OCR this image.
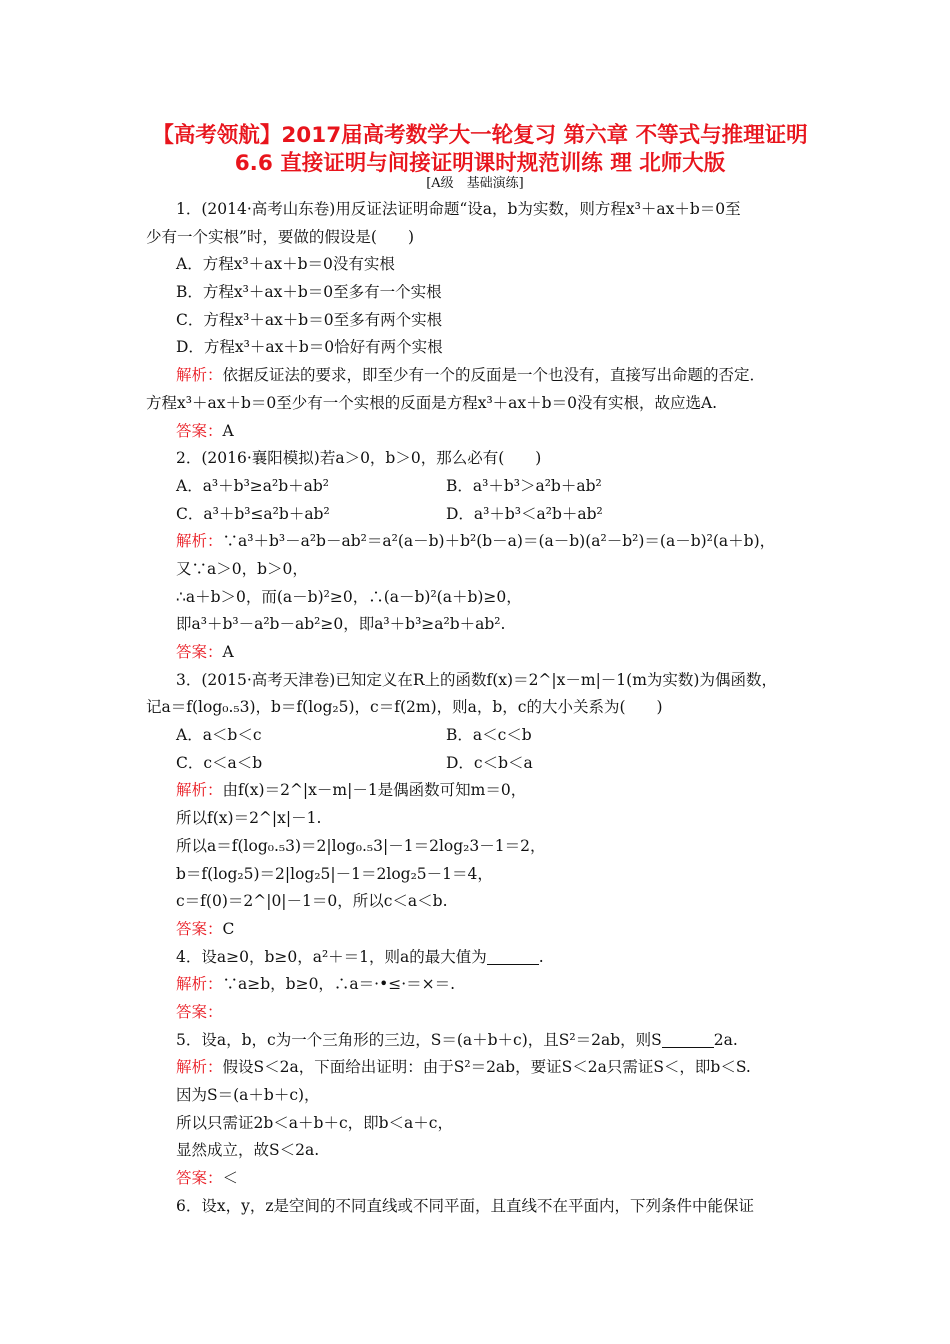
【高考领航】2017届高考数学大一轮复习 第六章 不等式与推理证明 6.6 直接证明与间接证明课时规范训练 理 北师大版
[A级　基础演练]
1．(2014·高考山东卷)用反证法证明命题“设a，b为实数，则方程x³＋ax＋b＝0至
少有一个实根”时，要做的假设是(　　)
A．方程x³＋ax＋b＝0没有实根
B．方程x³＋ax＋b＝0至多有一个实根
C．方程x³＋ax＋b＝0至多有两个实根
D．方程x³＋ax＋b＝0恰好有两个实根
解析：依据反证法的要求，即至少有一个的反面是一个也没有，直接写出命题的否定．
方程x³＋ax＋b＝0至少有一个实根的反面是方程x³＋ax＋b＝0没有实根，故应选A.
答案：A
2．(2016·襄阳模拟)若a＞0，b＞0，那么必有(　　)
A．a³＋b³≥a²b＋ab²	B．a³＋b³＞a²b＋ab²
C．a³＋b³≤a²b＋ab²	D．a³＋b³＜a²b＋ab²
解析：∵a³＋b³－a²b－ab²＝a²(a－b)＋b²(b－a)＝(a－b)(a²－b²)＝(a－b)²(a＋b)，
又∵a＞0，b＞0，
∴a＋b＞0，而(a－b)²≥0，∴(a－b)²(a＋b)≥0，
即a³＋b³－a²b－ab²≥0，即a³＋b³≥a²b＋ab².
答案：A
3．(2015·高考天津卷)已知定义在R上的函数f(x)＝2^|x－m|－1(m为实数)为偶函数，
记a＝f(log₀.₅3)，b＝f(log₂5)，c＝f(2m)，则a，b，c的大小关系为(　　)
A．a＜b＜c	B．a＜c＜b
C．c＜a＜b	D．c＜b＜a
解析：由f(x)＝2^|x－m|－1是偶函数可知m＝0，
所以f(x)＝2^|x|－1.
所以a＝f(log₀.₅3)＝2|log₀.₅3|－1＝2log₂3－1＝2，
b＝f(log₂5)＝2|log₂5|－1＝2log₂5－1＝4，
c＝f(0)＝2^|0|－1＝0，所以c＜a＜b.
答案：C
4．设a≥0，b≥0，a²＋＝1，则a的最大值为	.
解析：∵a≥b，b≥0，∴a＝·•≤·＝×＝.
答案：
5．设a，b，c为一个三角形的三边，S＝(a＋b＋c)，且S²＝2ab，则S	2a.
解析：假设S＜2a，下面给出证明：由于S²＝2ab，要证S＜2a只需证S＜，即b＜S.
因为S＝(a＋b＋c)，
所以只需证2b＜a＋b＋c，即b＜a＋c，
显然成立，故S＜2a.
答案：＜
6．设x，y，z是空间的不同直线或不同平面，且直线不在平面内，下列条件中能保证
